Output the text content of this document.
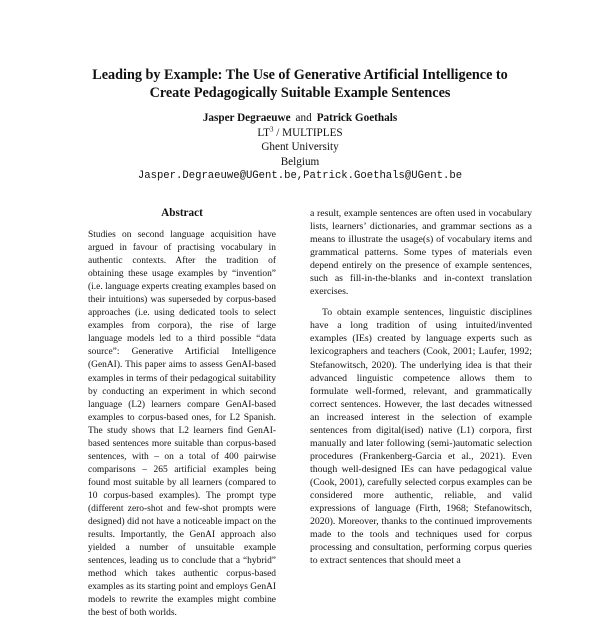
Leading by Example: The Use of Generative Artificial Intelligence to
Create Pedagogically Suitable Example Sentences
Jasper Degraeuwe and Patrick Goethals
$LT^3$ / MULTIPLES
Ghent University
Belgium
Jasper.Degraeuwe@UGent.be,Patrick.Goethals@UGent.be
Abstract

Studies on second language acquisition have argued in favour of practising vocabulary in authentic contexts. After the tradition of obtaining these usage examples by “invention” (i.e. language experts creating examples based on their intuitions) was superseded by corpus-based approaches (i.e. using dedicated tools to select examples from corpora), the rise of large language models led to a third possible “data source”: Generative Artificial Intelligence (GenAI). This paper aims to assess GenAI-based examples in terms of their pedagogical suitability by conducting an experiment in which second language (L2) learners compare GenAI-based examples to corpus-based ones, for L2 Spanish. The study shows that L2 learners find GenAI-based sentences more suitable than corpus-based sentences, with – on a total of 400 pairwise comparisons – 265 artificial examples being found most suitable by all learners (compared to 10 corpus-based examples). The prompt type (different zero-shot and few-shot prompts were designed) did not have a noticeable impact on the results. Importantly, the GenAI approach also yielded a number of unsuitable example sentences, leading us to conclude that a “hybrid” method which takes authentic corpus-based examples as its starting point and employs GenAI models to rewrite the examples might combine the best of both worlds.

a result, example sentences are often used in vocabulary lists, learners’ dictionaries, and grammar sections as a means to illustrate the usage(s) of vocabulary items and grammatical patterns. Some types of materials even depend entirely on the presence of example sentences, such as fill-in-the-blanks and in-context translation exercises.

To obtain example sentences, linguistic disciplines have a long tradition of using intuited/invented examples (IEs) created by language experts such as lexicographers and teachers (Cook, 2001; Laufer, 1992; Stefanowitsch, 2020). The underlying idea is that their advanced linguistic competence allows them to formulate well-formed, relevant, and grammatically correct sentences. However, the last decades witnessed an increased interest in the selection of example sentences from digital(ised) native (L1) corpora, first manually and later following (semi-)automatic selection procedures (Frankenberg-Garcia et al., 2021). Even though well-designed IEs can have pedagogical value (Cook, 2001), carefully selected corpus examples can be considered more authentic, reliable, and valid expressions of language (Firth, 1968; Stefanowitsch, 2020). Moreover, thanks to the continued improvements made to the tools and techniques used for corpus processing and consultation, performing corpus queries to extract sentences that should meet a
